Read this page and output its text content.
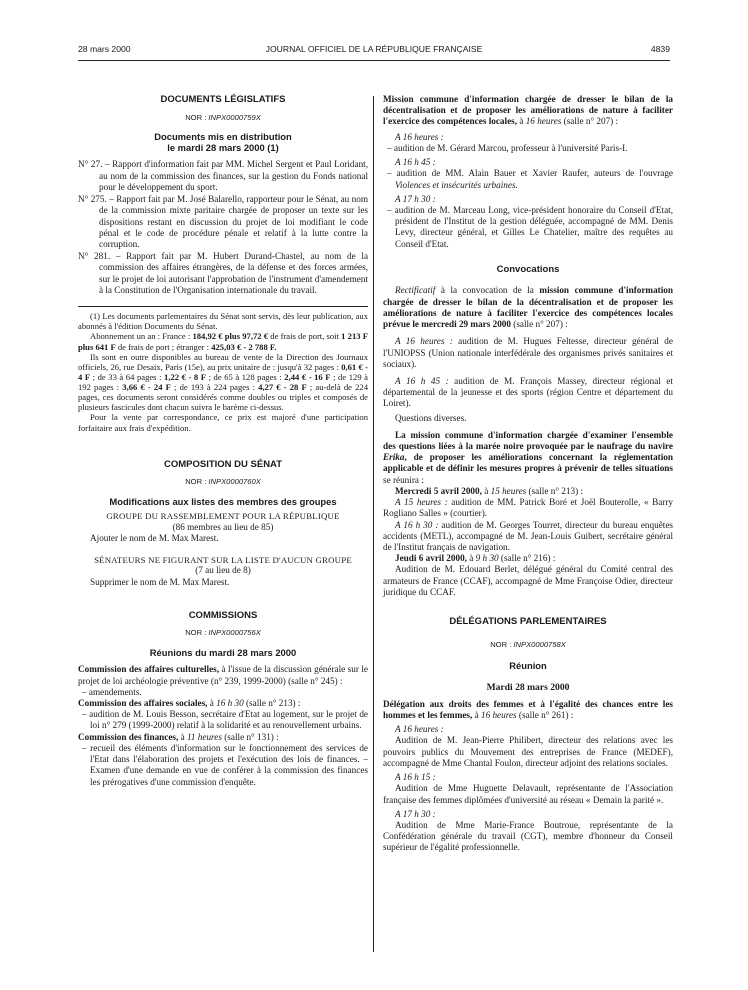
28 mars 2000	JOURNAL OFFICIEL DE LA RÉPUBLIQUE FRANÇAISE	4839
DOCUMENTS LÉGISLATIFS
NOR : INPX0000759X
Documents mis en distribution
le mardi 28 mars 2000 (1)

N° 27. – Rapport d'information fait par MM. Michel Sergent et Paul Loridant, au nom de la commission des finances, sur la gestion du Fonds national pour le développement du sport.

N° 275. – Rapport fait par M. José Balarello, rapporteur pour le Sénat, au nom de la commission mixte paritaire chargée de proposer un texte sur les dispositions restant en discussion du projet de loi modifiant le code pénal et le code de procédure pénale et relatif à la lutte contre la corruption.

N° 281. – Rapport fait par M. Hubert Durand-Chastel, au nom de la commission des affaires étrangères, de la défense et des forces armées, sur le projet de loi autorisant l'approbation de l'instrument d'amendement à la Constitution de l'Organisation internationale du travail.

(1) Les documents parlementaires du Sénat sont servis, dès leur publication, aux abonnés à l'édition Documents du Sénat.

Abonnement un an : France : 184,92 € plus 97,72 € de frais de port, soit 1 213 F plus 641 F de frais de port ; étranger : 425,03 € - 2 788 F.

Ils sont en outre disponibles au bureau de vente de la Direction des Journaux officiels, 26, rue Desaix, Paris (15e), au prix unitaire de : jusqu'à 32 pages : 0,61 € - 4 F ; de 33 à 64 pages : 1,22 € - 8 F ; de 65 à 128 pages : 2,44 € - 16 F ; de 129 à 192 pages : 3,66 € - 24 F ; de 193 à 224 pages : 4,27 € - 28 F ; au-delà de 224 pages, ces documents seront considérés comme doubles ou triples et composés de plusieurs fascicules dont chacun suivra le barème ci-dessus.

Pour la vente par correspondance, ce prix est majoré d'une participation forfaitaire aux frais d'expédition.

COMPOSITION DU SÉNAT
NOR : INPX0000760X
Modifications aux listes des membres des groupes

GROUPE DU RASSEMBLEMENT POUR LA RÉPUBLIQUE

(86 membres au lieu de 85)

Ajouter le nom de M. Max Marest.

SÉNATEURS NE FIGURANT SUR LA LISTE D'AUCUN GROUPE

(7 au lieu de 8)

Supprimer le nom de M. Max Marest.

COMMISSIONS
NOR : INPX0000756X
Réunions du mardi 28 mars 2000

Commission des affaires culturelles, à l'issue de la discussion générale sur le projet de loi archéologie préventive (n° 239, 1999-2000) (salle n° 245) :

– amendements.

Commission des affaires sociales, à 16 h 30 (salle n° 213) :

– audition de M. Louis Besson, secrétaire d'Etat au logement, sur le projet de loi n° 279 (1999-2000) relatif à la solidarité et au renouvellement urbains.

Commission des finances, à 11 heures (salle n° 131) :

– recueil des éléments d'information sur le fonctionnement des services de l'Etat dans l'élaboration des projets et l'exécution des lois de finances. – Examen d'une demande en vue de conférer à la commission des finances les prérogatives d'une commission d'enquête.

Mission commune d'information chargée de dresser le bilan de la décentralisation et de proposer les améliorations de nature à faciliter l'exercice des compétences locales, à 16 heures (salle n° 207) :

A 16 heures :

– audition de M. Gérard Marcou, professeur à l'université Paris-I.

A 16 h 45 :

– audition de MM. Alain Bauer et Xavier Raufer, auteurs de l'ouvrage Violences et insécurités urbaines.

A 17 h 30 :

– audition de M. Marceau Long, vice-président honoraire du Conseil d'Etat, président de l'Institut de la gestion déléguée, accompagné de MM. Denis Levy, directeur général, et Gilles Le Chatelier, maître des requêtes au Conseil d'Etat.

Convocations

Rectificatif à la convocation de la mission commune d'information chargée de dresser le bilan de la décentralisation et de proposer les améliorations de nature à faciliter l'exercice des compétences locales prévue le mercredi 29 mars 2000 (salle n° 207) :

A 16 heures : audition de M. Hugues Feltesse, directeur général de l'UNIOPSS (Union nationale interfédérale des organismes privés sanitaires et sociaux).

A 16 h 45 : audition de M. François Massey, directeur régional et départemental de la jeunesse et des sports (région Centre et département du Loiret).

Questions diverses.

La mission commune d'information chargée d'examiner l'ensemble des questions liées à la marée noire provoquée par le naufrage du navire Erika, de proposer les améliorations concernant la réglementation applicable et de définir les mesures propres à prévenir de telles situations se réunira :

Mercredi 5 avril 2000, à 15 heures (salle n° 213) :

A 15 heures : audition de MM. Patrick Boré et Joël Bouterolle, « Barry Rogliano Salles » (courtier).

A 16 h 30 : audition de M. Georges Tourret, directeur du bureau enquêtes accidents (METL), accompagné de M. Jean-Louis Guibert, secrétaire général de l'Institut français de navigation.

Jeudi 6 avril 2000, à 9 h 30 (salle n° 216) :

Audition de M. Edouard Berlet, délégué général du Comité central des armateurs de France (CCAF), accompagné de Mme Françoise Odier, directeur juridique du CCAF.

DÉLÉGATIONS PARLEMENTAIRES
NOR : INPX0000758X
Réunion
Mardi 28 mars 2000

Délégation aux droits des femmes et à l'égalité des chances entre les hommes et les femmes, à 16 heures (salle n° 261) :

A 16 heures :

Audition de M. Jean-Pierre Philibert, directeur des relations avec les pouvoirs publics du Mouvement des entreprises de France (MEDEF), accompagné de Mme Chantal Foulon, directeur adjoint des relations sociales.

A 16 h 15 :

Audition de Mme Huguette Delavault, représentante de l'Association française des femmes diplômées d'université au réseau « Demain la parité ».

A 17 h 30 :

Audition de Mme Marie-France Boutroue, représentante de la Confédération générale du travail (CGT), membre d'honneur du Conseil supérieur de l'égalité professionnelle.
